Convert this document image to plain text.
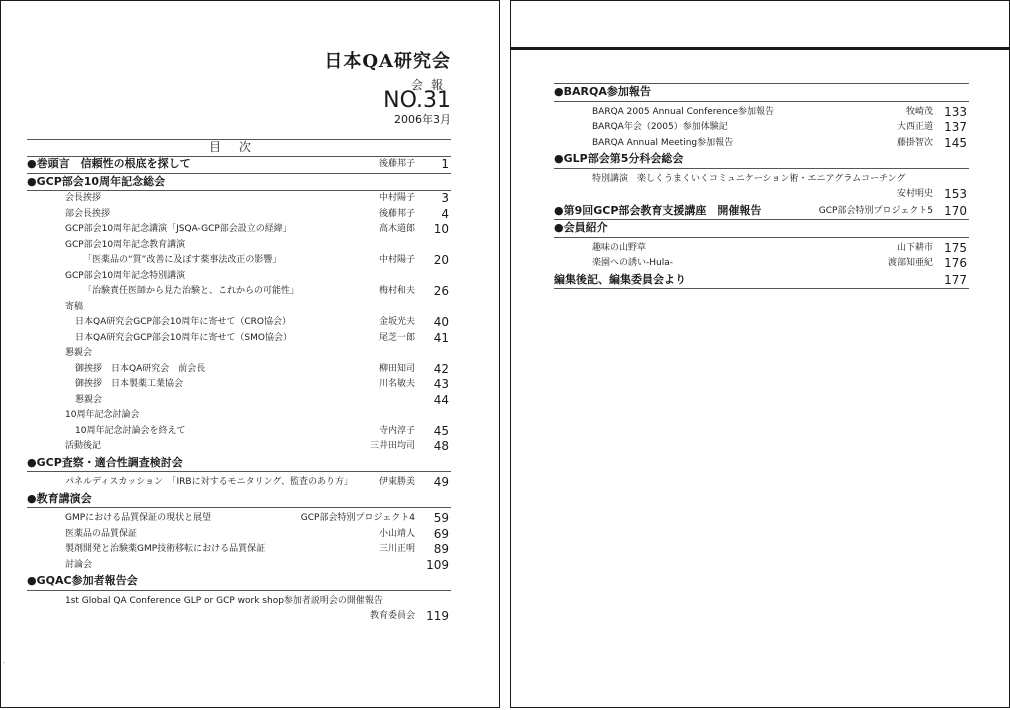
日本QA研究会
会報
NO.31
2006年3月
目次
●巻頭言　信頼性の根底を探して	後藤邦子 1
●GCP部会10周年記念総会
会長挨拶	中村陽子 3
部会長挨拶	後藤邦子 4
GCP部会10周年記念講演「JSQA-GCP部会設立の経緯」	高木道郎 10
GCP部会10周年記念教育講演
「医薬品の“質”改善に及ぼす薬事法改正の影響」	中村陽子 20
GCP部会10周年記念特別講演
「治験責任医師から見た治験と、これからの可能性」	梅村和夫 26
寄稿
日本QA研究会GCP部会10周年に寄せて（CRO協会）	金坂光夫 40
日本QA研究会GCP部会10周年に寄せて（SMO協会）	尾芝一郎 41
懇親会
御挨拶　日本QA研究会　前会長	柳田知司 42
御挨拶　日本製薬工業協会	川名敏夫 43
懇親会	44
10周年記念討論会
10周年記念討論会を終えて	寺内淳子 45
活動後記	三井田均司 48
●GCP査察・適合性調査検討会
パネルディスカッション　「IRBに対するモニタリング、監査のあり方」	伊東勝美 49
●教育講演会
GMPにおける品質保証の現状と展望	GCP部会特別プロジェクト4 59
医薬品の品質保証	小山靖人 69
製剤開発と治験薬GMP技術移転における品質保証	三川正明 89
討論会	109
●GQAC参加者報告会
1st Global QA Conference GLP or GCP work shop参加者説明会の開催報告
教育委員会 119
.
●BARQA参加報告
BARQA 2005 Annual Conference参加報告	牧崎茂 133
BARQA年会（2005）参加体験記	大西正道 137
BARQA Annual Meeting参加報告	藤掛智次 145
●GLP部会第5分科会総会
特別講演　楽しくうまくいくコミュニケーション術・エニアグラムコーチング
安村明史 153
●第9回GCP部会教育支援講座　開催報告	GCP部会特別プロジェクト5 170
●会員紹介
趣味の山野草	山下耕市 175
楽園への誘い-Hula-	渡部知亜紀 176
編集後記、編集委員会より	177
